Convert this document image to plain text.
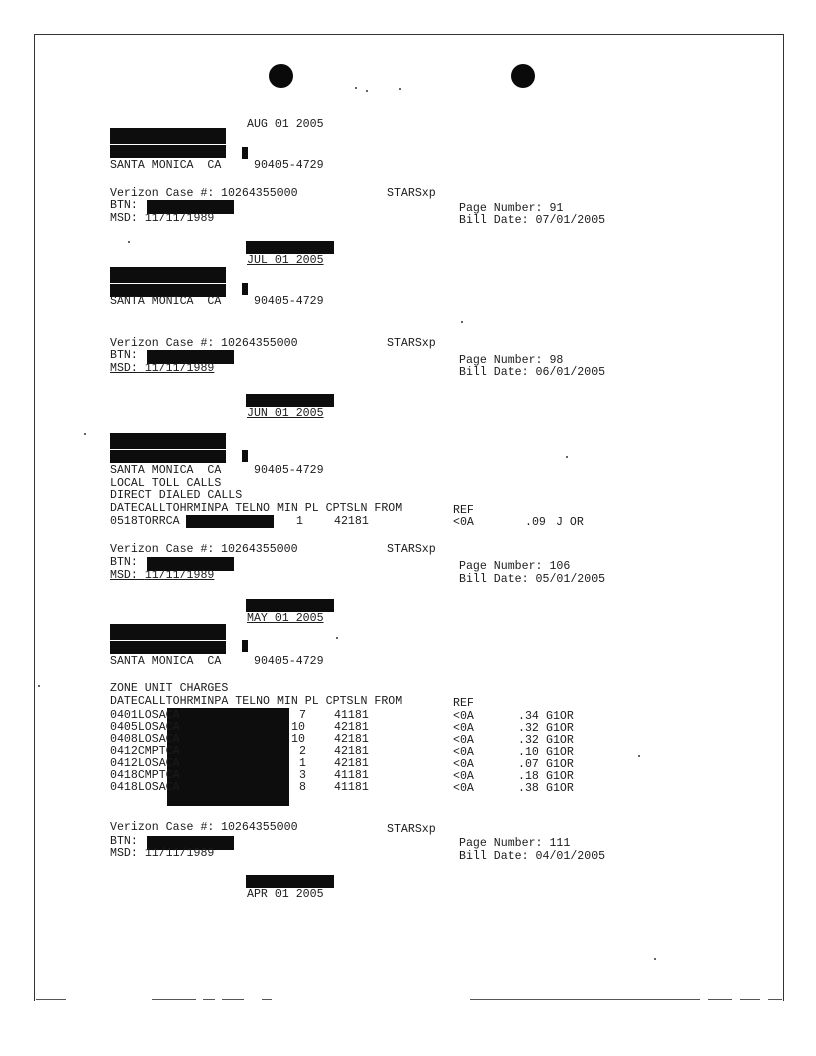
AUG 01 2005
SANTA MONICA  CA	90405-4729
Verizon Case #: 10264355000	STARSxp
BTN:	Page Number: 91
MSD: 11/11/1989	Bill Date: 07/01/2005
JUL 01 2005
SANTA MONICA  CA	90405-4729
Verizon Case #: 10264355000	STARSxp
BTN:	Page Number: 98
MSD: 11/11/1989	Bill Date: 06/01/2005
JUN 01 2005
SANTA MONICA  CA	90405-4729
LOCAL TOLL CALLS
DIRECT DIALED CALLS
DATECALLTOHRMINPA TELNO MIN PL CPTSLN FROM	REF
0518TORRCA	1	42181	<0A	.09 J OR
Verizon Case #: 10264355000	STARSxp
BTN:	Page Number: 106
MSD: 11/11/1989	Bill Date: 05/01/2005
MAY 01 2005
SANTA MONICA  CA	90405-4729
ZONE UNIT CHARGES
DATECALLTOHRMINPA TELNO MIN PL CPTSLN FROM	REF
0401LOSACA	7 41181	<0A	.34 G1OR
0405LOSACA	10	42181	<0A	.32 G1OR
0408LOSACA	10	42181	<0A	.32 G1OR
0412CMPTCA	2 42181	<0A	.10 G1OR
0412LOSACA	1 42181	<0A	.07 G1OR
0418CMPTCA	3 41181	<0A	.18 G1OR
0418LOSACA	8 41181	<0A	.38 G1OR
Verizon Case #: 10264355000	STARSxp
BTN:	Page Number: 111
MSD: 11/11/1989	Bill Date: 04/01/2005
APR 01 2005
